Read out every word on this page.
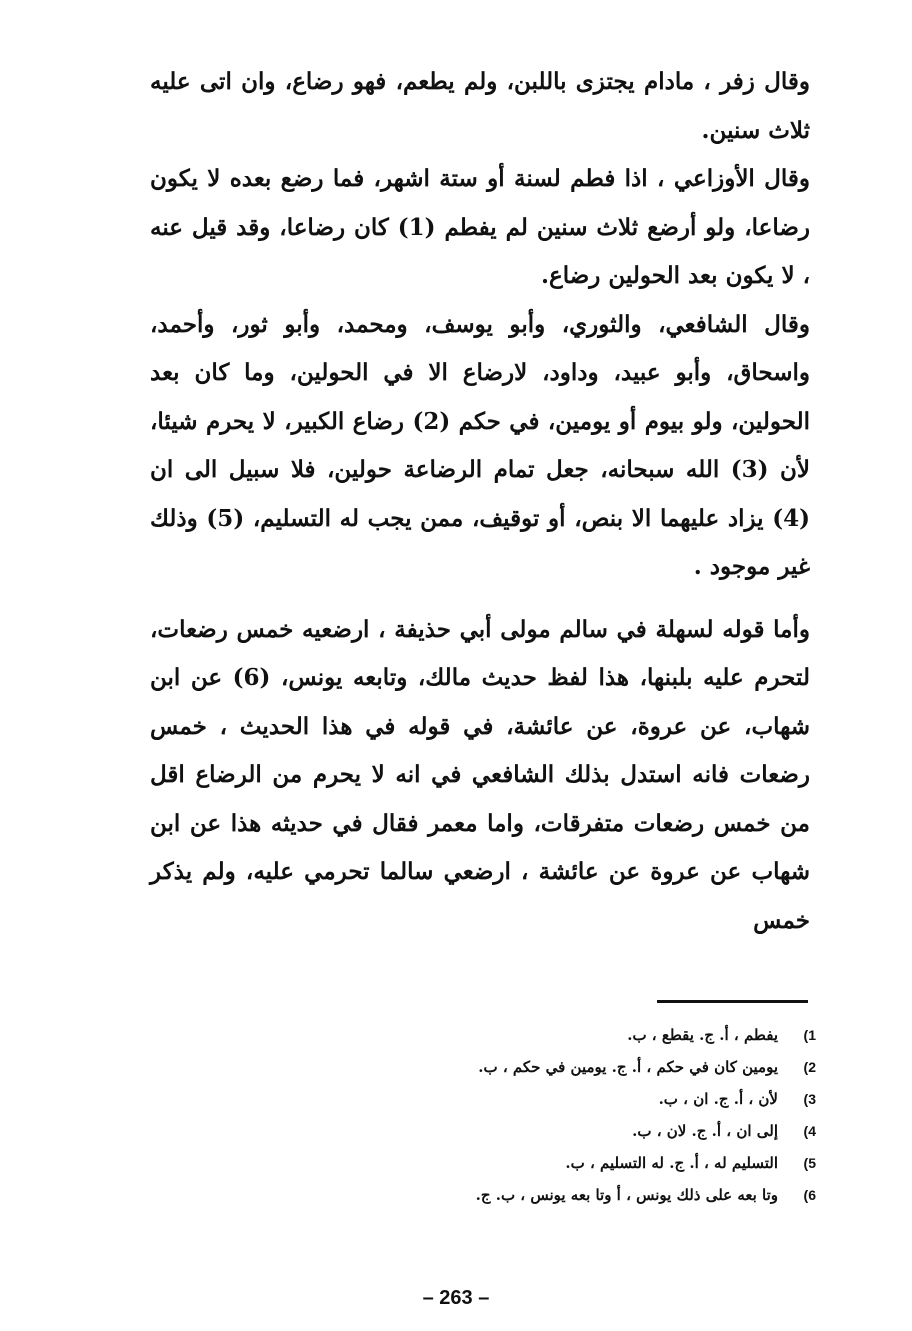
وقال زفر ، مادام يجتزى باللبن، ولم يطعم، فهو رضاع، وان اتى عليه ثلاث سنين.

وقال الأوزاعي ، اذا فطم لسنة أو ستة اشهر، فما رضع بعده لا يكون رضاعا، ولو أرضع ثلاث سنين لم يفطم (1) كان رضاعا، وقد قيل عنه ، لا يكون بعد الحولين رضاع.

وقال الشافعي، والثوري، وأبو يوسف، ومحمد، وأبو ثور، وأحمد، واسحاق، وأبو عبيد، وداود، لارضاع الا في الحولين، وما كان بعد الحولين، ولو بيوم أو يومين، في حكم (2) رضاع الكبير، لا يحرم شيئا، لأن (3) الله سبحانه، جعل تمام الرضاعة حولين، فلا سبيل الى ان (4) يزاد عليهما الا بنص، أو توقيف، ممن يجب له التسليم، (5) وذلك غير موجود .

وأما قوله لسهلة في سالم مولى أبي حذيفة ، ارضعيه خمس رضعات، لتحرم عليه بلبنها، هذا لفظ حديث مالك، وتابعه يونس، (6) عن ابن شهاب، عن عروة، عن عائشة، في قوله في هذا الحديث ، خمس رضعات فانه استدل بذلك الشافعي في انه لا يحرم من الرضاع اقل من خمس رضعات متفرقات، واما معمر فقال في حديثه هذا عن ابن شهاب عن عروة عن عائشة ، ارضعي سالما تحرمي عليه، ولم يذكر خمس

(1
يفطم ، أ. ج. يقطع ، ب.
(2
يومين كان في حكم ، أ. ج. يومين في حكم ، ب.
(3
لأن ، أ. ج. ان ، ب.
(4
إلى ان ، أ. ج. لان ، ب.
(5
التسليم له ، أ. ج. له التسليم ، ب.
(6
وتا بعه على ذلك يونس ، أ وتا بعه يونس ، ب. ج.
– 263 –
